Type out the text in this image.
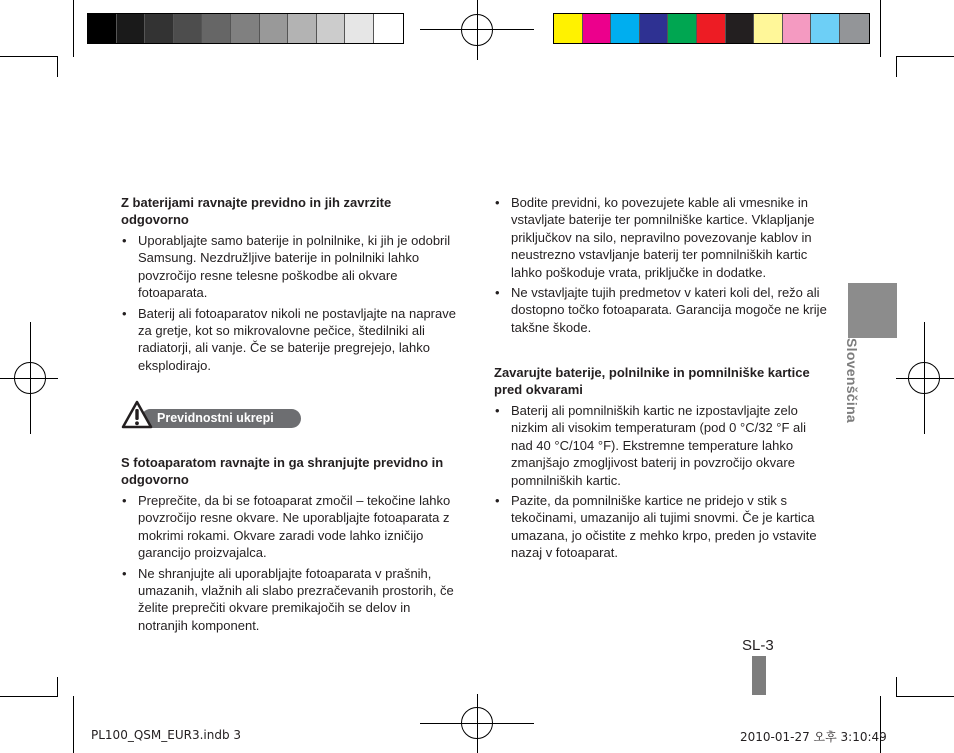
Z baterijami ravnajte previdno in jih zavrzite odgovorno
• Uporabljajte samo baterije in polnilnike, ki jih je odobril Samsung. Nezdružljive baterije in polnilniki lahko povzročijo resne telesne poškodbe ali okvare fotoaparata.
• Baterij ali fotoaparatov nikoli ne postavljajte na naprave za gretje, kot so mikrovalovne pečice, štedilniki ali radiatorji, ali vanje. Če se baterije pregrejejo, lahko eksplodirajo.
Previdnostni ukrepi
S fotoaparatom ravnajte in ga shranjujte previdno in odgovorno
• Preprečite, da bi se fotoaparat zmočil – tekočine lahko povzročijo resne okvare. Ne uporabljajte fotoaparata z mokrimi rokami. Okvare zaradi vode lahko izničijo garancijo proizvajalca.
• Ne shranjujte ali uporabljajte fotoaparata v prašnih, umazanih, vlažnih ali slabo prezračevanih prostorih, če želite preprečiti okvare premikajočih se delov in notranjih komponent.
• Bodite previdni, ko povezujete kable ali vmesnike in vstavljate baterije ter pomnilniške kartice. Vklapljanje priključkov na silo, nepravilno povezovanje kablov in neustrezno vstavljanje baterij ter pomnilniških kartic lahko poškoduje vrata, priključke in dodatke.
• Ne vstavljajte tujih predmetov v kateri koli del, režo ali dostopno točko fotoaparata. Garancija mogoče ne krije takšne škode.
Zavarujte baterije, polnilnike in pomnilniške kartice pred okvarami
• Baterij ali pomnilniških kartic ne izpostavljajte zelo nizkim ali visokim temperaturam (pod 0 °C/32 °F ali nad 40 °C/104 °F). Ekstremne temperature lahko zmanjšajo zmogljivost baterij in povzročijo okvare pomnilniških kartic.
• Pazite, da pomnilniške kartice ne pridejo v stik s tekočinami, umazanijo ali tujimi snovmi. Če je kartica umazana, jo očistite z mehko krpo, preden jo vstavite nazaj v fotoaparat.
Slovenščina
SL-3
PL100_QSM_EUR3.indb 3	2010-01-27 오후 3:10:49
